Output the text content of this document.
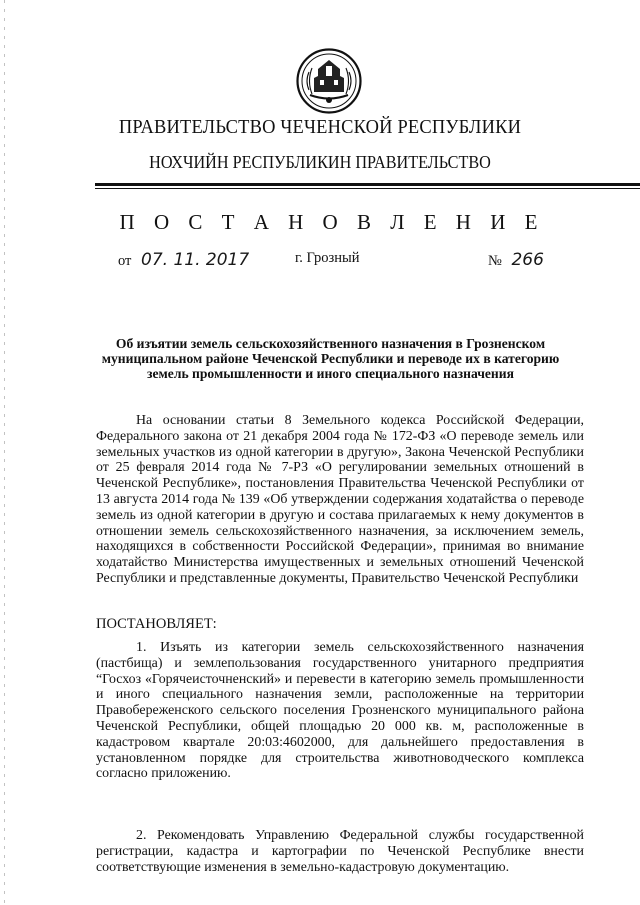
ПРАВИТЕЛЬСТВО ЧЕЧЕНСКОЙ РЕСПУБЛИКИ
НОХЧИЙН РЕСПУБЛИКИН ПРАВИТЕЛЬСТВО
П О С Т А Н О В Л Е Н И Е
от 07. 11. 2017	г. Грозный	№ 266
Об изъятии земель сельскохозяйственного назначения в Грозненском муниципальном районе Чеченской Республики и переводе их в категорию земель промышленности и иного специального назначения
На основании статьи 8 Земельного кодекса Российской Федерации, Федерального закона от 21 декабря 2004 года № 172-ФЗ «О переводе земель или земельных участков из одной категории в другую», Закона Чеченской Республики от 25 февраля 2014 года № 7-РЗ «О регулировании земельных отношений в Чеченской Республике», постановления Правительства Чеченской Республики от 13 августа 2014 года № 139 «Об утверждении содержания ходатайства о переводе земель из одной категории в другую и состава прилагаемых к нему документов в отношении земель сельскохозяйственного назначения, за исключением земель, находящихся в собственности Российской Федерации», принимая во внимание ходатайство Министерства имущественных и земельных отношений Чеченской Республики и представленные документы, Правительство Чеченской Республики
ПОСТАНОВЛЯЕТ:
1. Изъять из категории земель сельскохозяйственного назначения (пастбища) и землепользования государственного унитарного предприятия “Госхоз «Горячеисточненский» и перевести в категорию земель промышленности и иного специального назначения земли, расположенные на территории Правобереженского сельского поселения Грозненского муниципального района Чеченской Республики, общей площадью 20 000 кв. м, расположенные в кадастровом квартале 20:03:4602000, для дальнейшего предоставления в установленном порядке для строительства животноводческого комплекса согласно приложению.
2. Рекомендовать Управлению Федеральной службы государственной регистрации, кадастра и картографии по Чеченской Республике внести соответствующие изменения в земельно-кадастровую документацию.
